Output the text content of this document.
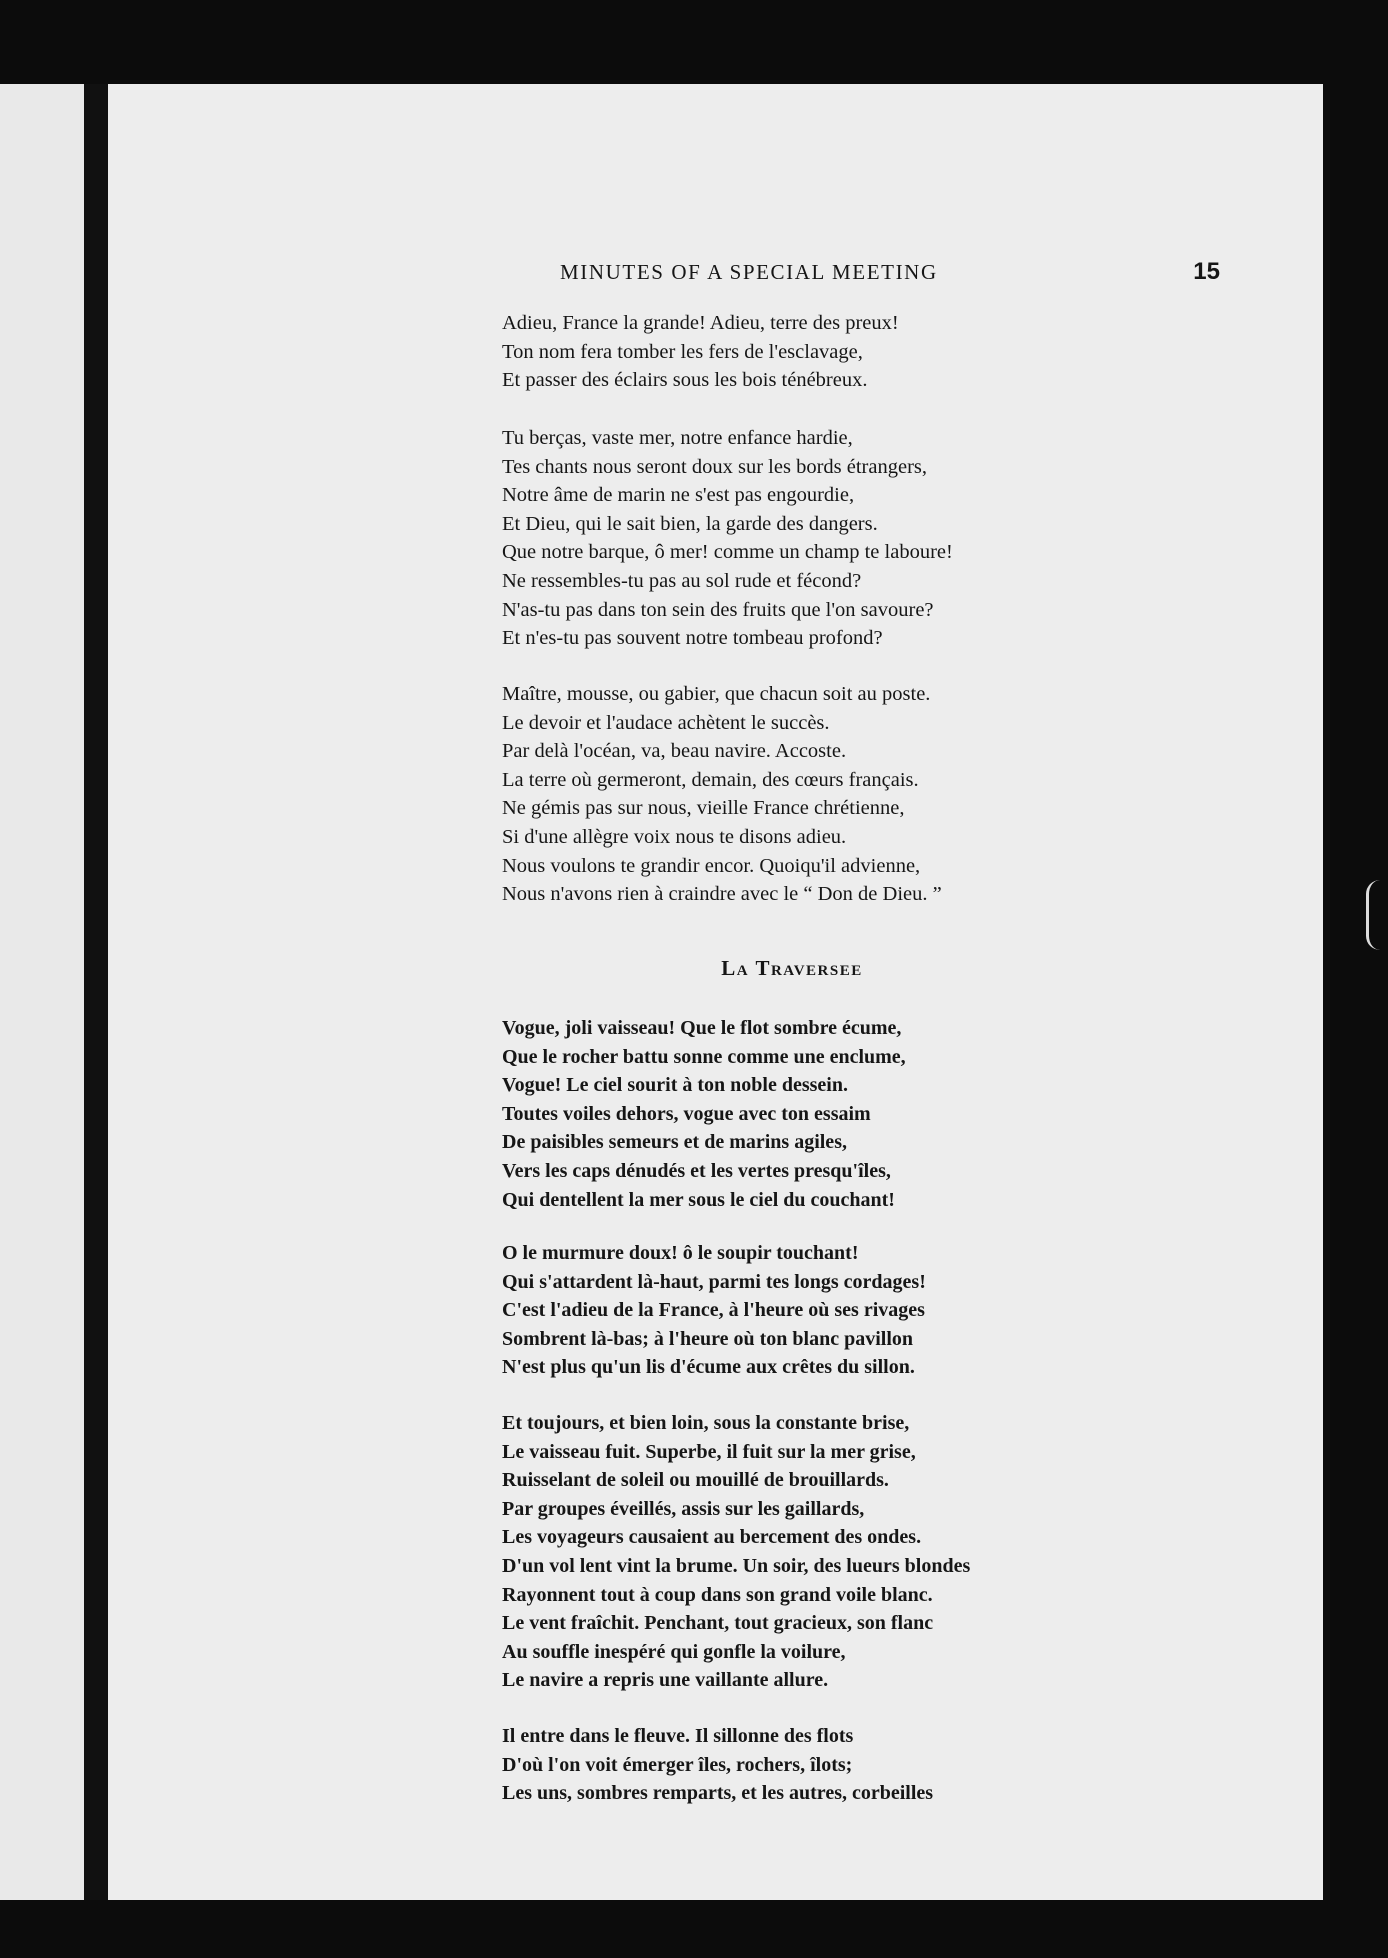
MINUTES OF A SPECIAL MEETING	15
Adieu, France la grande! Adieu, terre des preux!
Ton nom fera tomber les fers de l'esclavage,
Et passer des éclairs sous les bois ténébreux.
Tu berças, vaste mer, notre enfance hardie,
Tes chants nous seront doux sur les bords étrangers,
Notre âme de marin ne s'est pas engourdie,
Et Dieu, qui le sait bien, la garde des dangers.
Que notre barque, ô mer! comme un champ te laboure!
Ne ressembles-tu pas au sol rude et fécond?
N'as-tu pas dans ton sein des fruits que l'on savoure?
Et n'es-tu pas souvent notre tombeau profond?
Maître, mousse, ou gabier, que chacun soit au poste.
Le devoir et l'audace achètent le succès.
Par delà l'océan, va, beau navire. Accoste.
La terre où germeront, demain, des cœurs français.
Ne gémis pas sur nous, vieille France chrétienne,
Si d'une allègre voix nous te disons adieu.
Nous voulons te grandir encor. Quoiqu'il advienne,
Nous n'avons rien à craindre avec le “ Don de Dieu. ”
La Traversee
Vogue, joli vaisseau! Que le flot sombre écume,
Que le rocher battu sonne comme une enclume,
Vogue! Le ciel sourit à ton noble dessein.
Toutes voiles dehors, vogue avec ton essaim
De paisibles semeurs et de marins agiles,
Vers les caps dénudés et les vertes presqu'îles,
Qui dentellent la mer sous le ciel du couchant!
O le murmure doux! ô le soupir touchant!
Qui s'attardent là-haut, parmi tes longs cordages!
C'est l'adieu de la France, à l'heure où ses rivages
Sombrent là-bas; à l'heure où ton blanc pavillon
N'est plus qu'un lis d'écume aux crêtes du sillon.
Et toujours, et bien loin, sous la constante brise,
Le vaisseau fuit. Superbe, il fuit sur la mer grise,
Ruisselant de soleil ou mouillé de brouillards.
Par groupes éveillés, assis sur les gaillards,
Les voyageurs causaient au bercement des ondes.
D'un vol lent vint la brume. Un soir, des lueurs blondes
Rayonnent tout à coup dans son grand voile blanc.
Le vent fraîchit. Penchant, tout gracieux, son flanc
Au souffle inespéré qui gonfle la voilure,
Le navire a repris une vaillante allure.
Il entre dans le fleuve. Il sillonne des flots
D'où l'on voit émerger îles, rochers, îlots;
Les uns, sombres remparts, et les autres, corbeilles
